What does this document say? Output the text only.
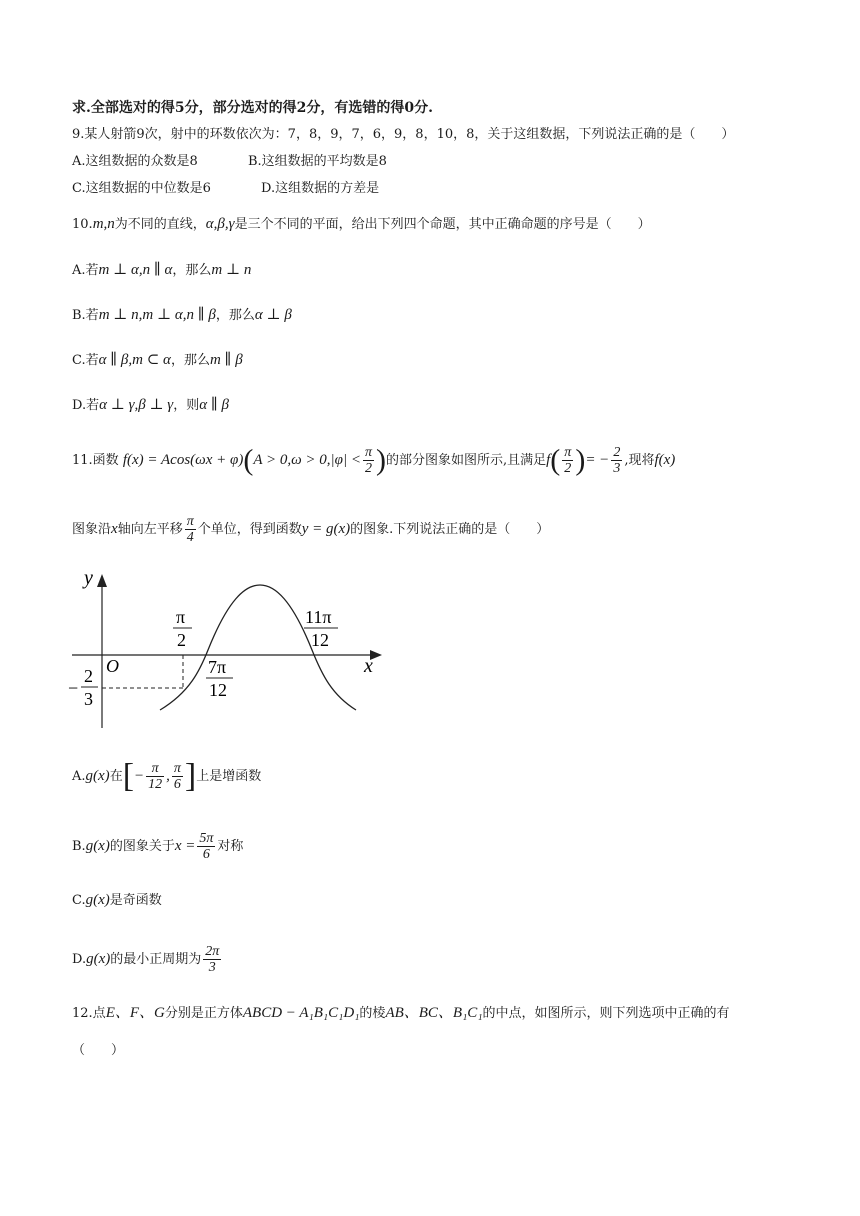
求.全部选对的得5分，部分选对的得2分，有选错的得0分.
9.某人射箭9次，射中的环数依次为：7，8，9，7，6，9，8，10，8，关于这组数据，下列说法正确的是（　　）
A.这组数据的众数是8	B.这组数据的平均数是8
C.这组数据的中位数是6	D.这组数据的方差是
10.m,n为不同的直线，α,β,γ是三个不同的平面，给出下列四个命题，其中正确命题的序号是（　　）
A.若m ⊥ α,n ∥ α，那么m ⊥ n
B.若m ⊥ n,m ⊥ α,n ∥ β，那么α ⊥ β
C.若α ∥ β,m ⊂ α，那么m ∥ β
D.若α ⊥ γ,β ⊥ γ，则α ∥ β
11.函数 $f(x) = Acos(\omega x + \varphi)(A > 0,\omega > 0,|\varphi| < \frac{\pi}{2}$ )的部分图象如图所示,且满足$f( \frac{\pi}{2}$ )= − $\frac{2}{3}$ ,现将f(x)
图象沿x轴向左平移 $\frac{\pi}{4}$ 个单位，得到函数y = g(x)的图象.下列说法正确的是（　　）
y
x
O
π
2
7π
12
11π
12
−
2
3
A.g(x)在[− $\frac{\pi}{12}$ , $\frac{\pi}{6}$ ]上是增函数
B.g(x)的图象关于$x = \frac{5\pi}{6}$ 对称
C.g(x)是奇函数
D.g(x)的最小正周期为 $\frac{2\pi}{3}$
12.点E、F、G分别是正方体ABCD − A₁B₁C₁D₁的棱AB、BC、B₁C₁的中点，如图所示，则下列选项中正确的有
（　　）
